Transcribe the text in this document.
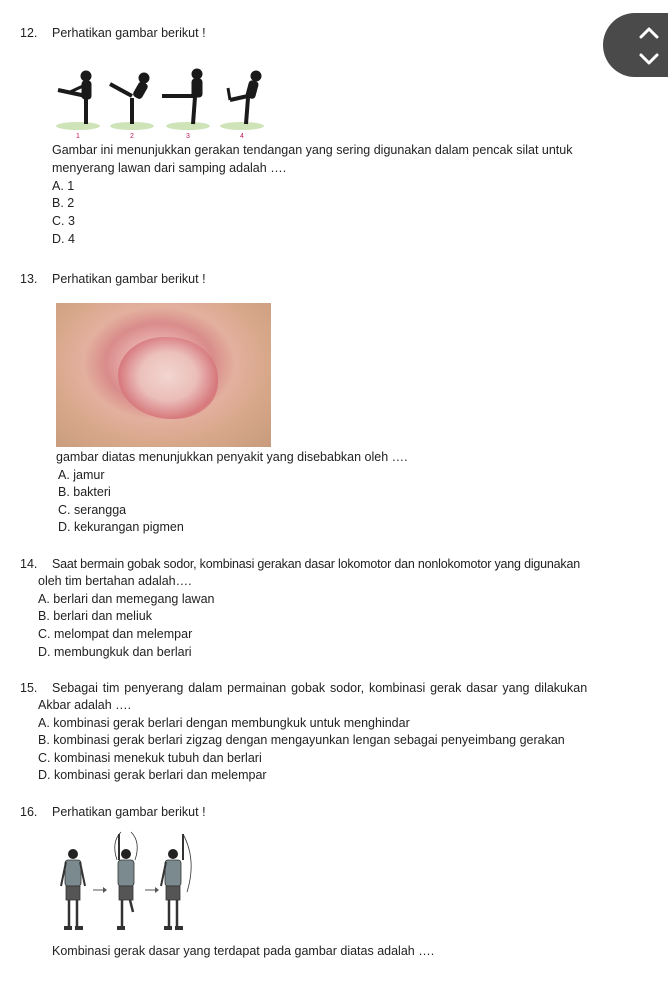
12. Perhatikan gambar berikut !
1	2	3	4
Gambar ini menunjukkan gerakan tendangan yang sering digunakan dalam pencak silat untuk
menyerang lawan dari samping adalah ….
A. 1
B. 2
C. 3
D. 4
13. Perhatikan gambar berikut !
gambar diatas menunjukkan penyakit yang disebabkan oleh ….
A. jamur
B. bakteri
C. serangga
D. kekurangan pigmen
14. Saat bermain gobak sodor, kombinasi gerakan dasar lokomotor dan nonlokomotor yang digunakan
oleh tim bertahan adalah….
A. berlari dan memegang lawan
B. berlari dan meliuk
C. melompat dan melempar
D. membungkuk dan berlari
15. Sebagai tim penyerang dalam permainan gobak sodor, kombinasi gerak dasar yang dilakukan
Akbar adalah ….
A. kombinasi gerak berlari dengan membungkuk untuk menghindar
B. kombinasi gerak berlari zigzag dengan mengayunkan lengan sebagai penyeimbang gerakan
C. kombinasi menekuk tubuh dan berlari
D. kombinasi gerak berlari dan melempar
16. Perhatikan gambar berikut !
Kombinasi gerak dasar yang terdapat pada gambar diatas adalah ….
